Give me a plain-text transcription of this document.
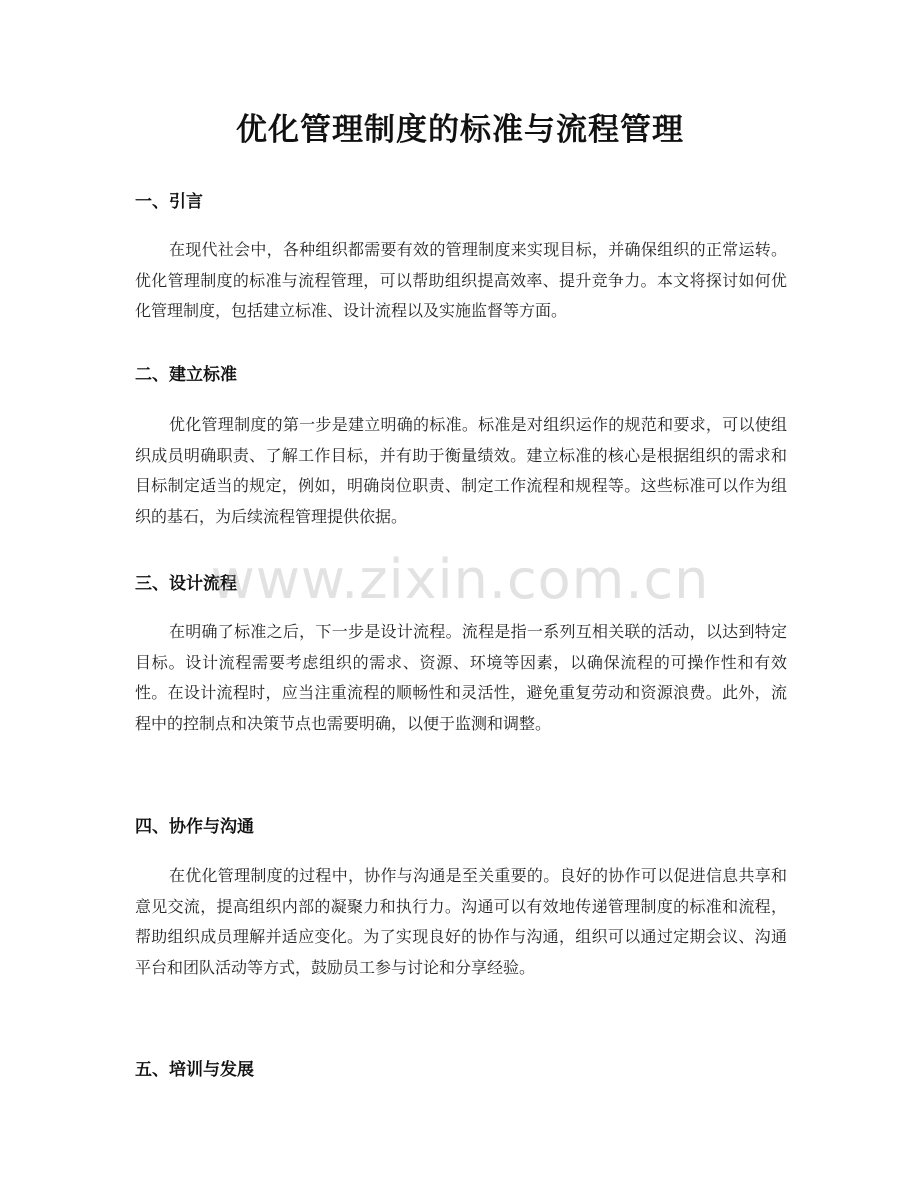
优化管理制度的标准与流程管理
一、引言

在现代社会中，各种组织都需要有效的管理制度来实现目标，并确保组织的正常运转。优化管理制度的标准与流程管理，可以帮助组织提高效率、提升竞争力。本文将探讨如何优化管理制度，包括建立标准、设计流程以及实施监督等方面。

二、建立标准

优化管理制度的第一步是建立明确的标准。标准是对组织运作的规范和要求，可以使组织成员明确职责、了解工作目标，并有助于衡量绩效。建立标准的核心是根据组织的需求和目标制定适当的规定，例如，明确岗位职责、制定工作流程和规程等。这些标准可以作为组织的基石，为后续流程管理提供依据。

三、设计流程

在明确了标准之后，下一步是设计流程。流程是指一系列互相关联的活动，以达到特定目标。设计流程需要考虑组织的需求、资源、环境等因素，以确保流程的可操作性和有效性。在设计流程时，应当注重流程的顺畅性和灵活性，避免重复劳动和资源浪费。此外，流程中的控制点和决策节点也需要明确，以便于监测和调整。

四、协作与沟通

在优化管理制度的过程中，协作与沟通是至关重要的。良好的协作可以促进信息共享和意见交流，提高组织内部的凝聚力和执行力。沟通可以有效地传递管理制度的标准和流程，帮助组织成员理解并适应变化。为了实现良好的协作与沟通，组织可以通过定期会议、沟通平台和团队活动等方式，鼓励员工参与讨论和分享经验。

五、培训与发展
www.zixin.com.cn
